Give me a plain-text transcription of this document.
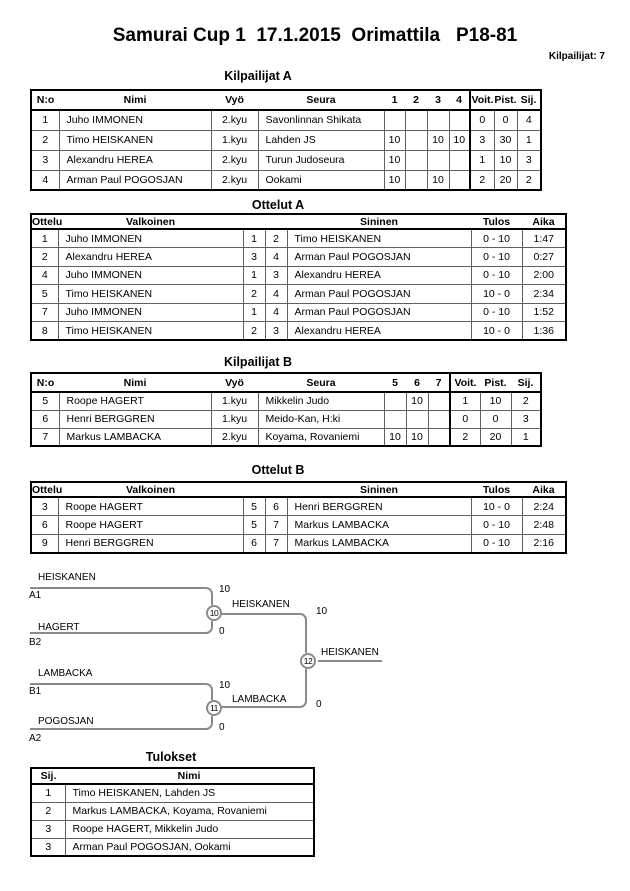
Samurai Cup 1  17.1.2015  Orimattila   P18-81
Kilpailijat: 7
Kilpailijat A
N:o	Nimi	Vyö	Seura	1	2	3	4	Voit.	Pist.	Sij.
1	Juho IMMONEN	2.kyu	Savonlinnan Shikata					0	0	4
2	Timo HEISKANEN	1.kyu	Lahden JS	10		10	10	3	30	1
3	Alexandru HEREA	2.kyu	Turun Judoseura	10				1	10	3
4	Arman Paul POGOSJAN	2.kyu	Ookami	10		10		2	20	2
Ottelut A
Ottelu	Valkoinen			Sininen	Tulos	Aika
1	Juho IMMONEN	1	2	Timo HEISKANEN	0 - 10	1:47
2	Alexandru HEREA	3	4	Arman Paul POGOSJAN	0 - 10	0:27
4	Juho IMMONEN	1	3	Alexandru HEREA	0 - 10	2:00
5	Timo HEISKANEN	2	4	Arman Paul POGOSJAN	10 - 0	2:34
7	Juho IMMONEN	1	4	Arman Paul POGOSJAN	0 - 10	1:52
8	Timo HEISKANEN	2	3	Alexandru HEREA	10 - 0	1:36
Kilpailijat B
N:o	Nimi	Vyö	Seura	5	6	7	Voit.	Pist.	Sij.
5	Roope HAGERT	1.kyu	Mikkelin Judo		10		1	10	2
6	Henri BERGGREN	1.kyu	Meido-Kan, H:ki				0	0	3
7	Markus LAMBACKA	2.kyu	Koyama, Rovaniemi	10	10		2	20	1
Ottelut B
Ottelu	Valkoinen			Sininen	Tulos	Aika
3	Roope HAGERT	5	6	Henri BERGGREN	10 - 0	2:24
6	Roope HAGERT	5	7	Markus LAMBACKA	0 - 10	2:48
9	Henri BERGGREN	6	7	Markus LAMBACKA	0 - 10	2:16
HEISKANEN
A1
10
HAGERT
B2
0
10
HEISKANEN
10
LAMBACKA
B1
10
POGOSJAN
A2
0
11
LAMBACKA	0
12
HEISKANEN
Tulokset
Sij.	Nimi
1	Timo HEISKANEN, Lahden JS
2	Markus LAMBACKA, Koyama, Rovaniemi
3	Roope HAGERT, Mikkelin Judo
3	Arman Paul POGOSJAN, Ookami
